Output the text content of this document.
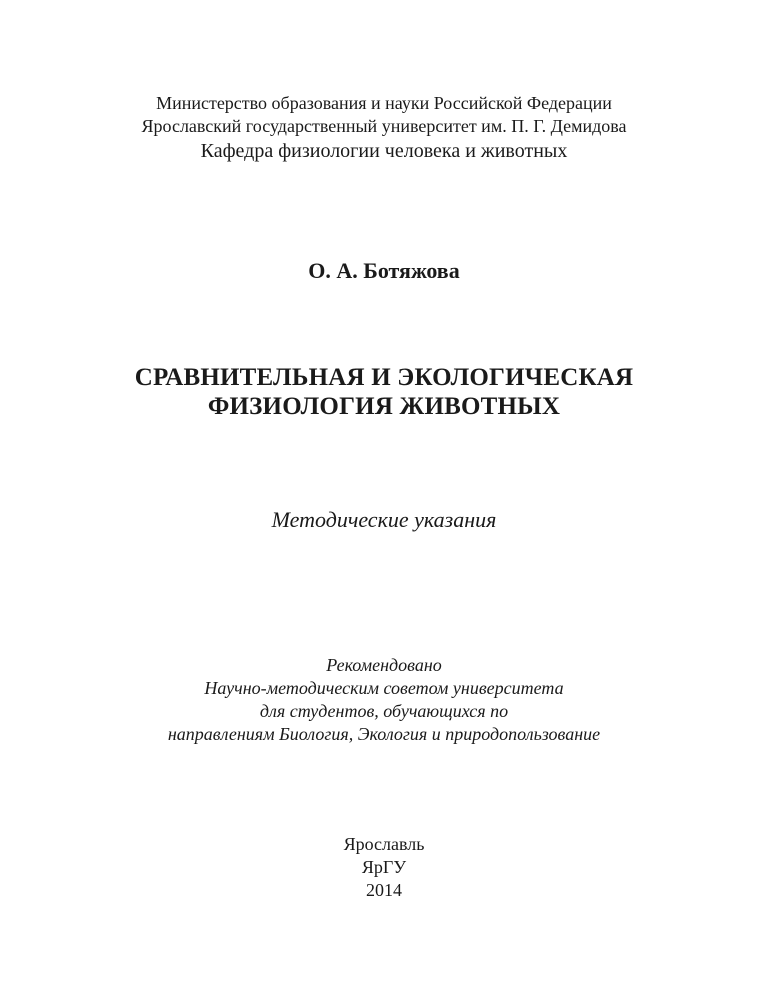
Министерство образования и науки Российской Федерации
Ярославский государственный университет им. П. Г. Демидова
Кафедра физиологии человека и животных
О. А. Ботяжова
СРАВНИТЕЛЬНАЯ И ЭКОЛОГИЧЕСКАЯ
ФИЗИОЛОГИЯ ЖИВОТНЫХ
Методические указания
Рекомендовано
Научно-методическим советом университета
для студентов, обучающихся по
направлениям Биология, Экология и природопользование
Ярославль
ЯрГУ
2014
